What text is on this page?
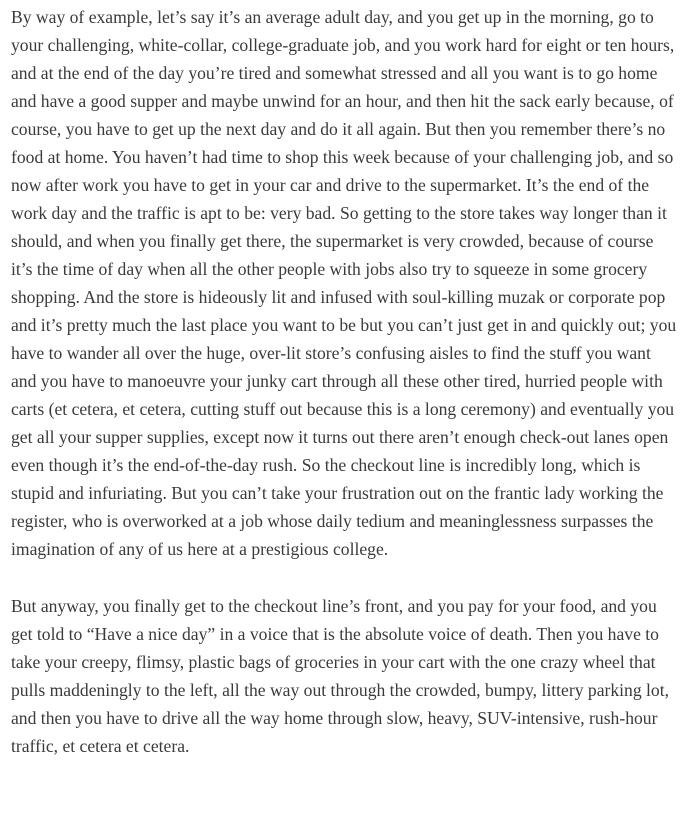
By way of example, let’s say it’s an average adult day, and you get up in the morning, go to your challenging, white-collar, college-graduate job, and you work hard for eight or ten hours, and at the end of the day you’re tired and somewhat stressed and all you want is to go home and have a good supper and maybe unwind for an hour, and then hit the sack early because, of course, you have to get up the next day and do it all again. But then you remember there’s no food at home. You haven’t had time to shop this week because of your challenging job, and so now after work you have to get in your car and drive to the supermarket. It’s the end of the work day and the traffic is apt to be: very bad. So getting to the store takes way longer than it should, and when you finally get there, the supermarket is very crowded, because of course it’s the time of day when all the other people with jobs also try to squeeze in some grocery shopping. And the store is hideously lit and infused with soul-killing muzak or corporate pop and it’s pretty much the last place you want to be but you can’t just get in and quickly out; you have to wander all over the huge, over-lit store’s confusing aisles to find the stuff you want and you have to manoeuvre your junky cart through all these other tired, hurried people with carts (et cetera, et cetera, cutting stuff out because this is a long ceremony) and eventually you get all your supper supplies, except now it turns out there aren’t enough check-out lanes open even though it’s the end-of-the-day rush. So the checkout line is incredibly long, which is stupid and infuriating. But you can’t take your frustration out on the frantic lady working the register, who is overworked at a job whose daily tedium and meaninglessness surpasses the imagination of any of us here at a prestigious college.

But anyway, you finally get to the checkout line’s front, and you pay for your food, and you get told to “Have a nice day” in a voice that is the absolute voice of death. Then you have to take your creepy, flimsy, plastic bags of groceries in your cart with the one crazy wheel that pulls maddeningly to the left, all the way out through the crowded, bumpy, littery parking lot, and then you have to drive all the way home through slow, heavy, SUV-intensive, rush-hour traffic, et cetera et cetera.
